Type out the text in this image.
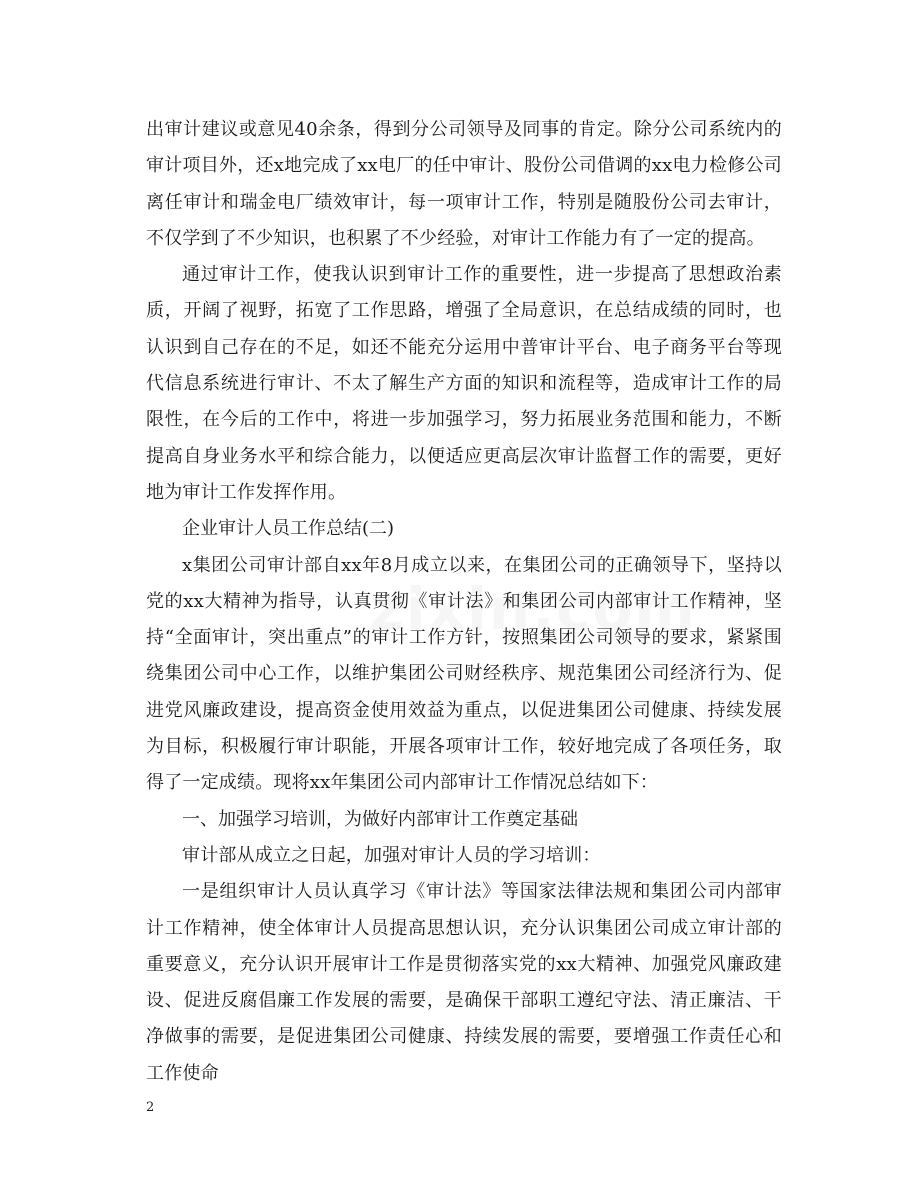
出审计建议或意见40余条，得到分公司领导及同事的肯定。除分公司系统内的审计项目外，还x地完成了xx电厂的任中审计、股份公司借调的xx电力检修公司离任审计和瑞金电厂绩效审计，每一项审计工作，特别是随股份公司去审计，不仅学到了不少知识，也积累了不少经验，对审计工作能力有了一定的提高。

通过审计工作，使我认识到审计工作的重要性，进一步提高了思想政治素质，开阔了视野，拓宽了工作思路，增强了全局意识，在总结成绩的同时，也认识到自己存在的不足，如还不能充分运用中普审计平台、电子商务平台等现代信息系统进行审计、不太了解生产方面的知识和流程等，造成审计工作的局限性，在今后的工作中，将进一步加强学习，努力拓展业务范围和能力，不断提高自身业务水平和综合能力，以便适应更高层次审计监督工作的需要，更好地为审计工作发挥作用。

企业审计人员工作总结(二)

x集团公司审计部自xx年8月成立以来，在集团公司的正确领导下，坚持以党的xx大精神为指导，认真贯彻《审计法》和集团公司内部审计工作精神，坚持“全面审计，突出重点”的审计工作方针，按照集团公司领导的要求，紧紧围绕集团公司中心工作，以维护集团公司财经秩序、规范集团公司经济行为、促进党风廉政建设，提高资金使用效益为重点，以促进集团公司健康、持续发展为目标，积极履行审计职能，开展各项审计工作，较好地完成了各项任务，取得了一定成绩。现将xx年集团公司内部审计工作情况总结如下：

一、加强学习培训，为做好内部审计工作奠定基础

审计部从成立之日起，加强对审计人员的学习培训：

一是组织审计人员认真学习《审计法》等国家法律法规和集团公司内部审计工作精神，使全体审计人员提高思想认识，充分认识集团公司成立审计部的重要意义，充分认识开展审计工作是贯彻落实党的xx大精神、加强党风廉政建设、促进反腐倡廉工作发展的需要，是确保干部职工遵纪守法、清正廉洁、干净做事的需要，是促进集团公司健康、持续发展的需要，要增强工作责任心和工作使命

2
